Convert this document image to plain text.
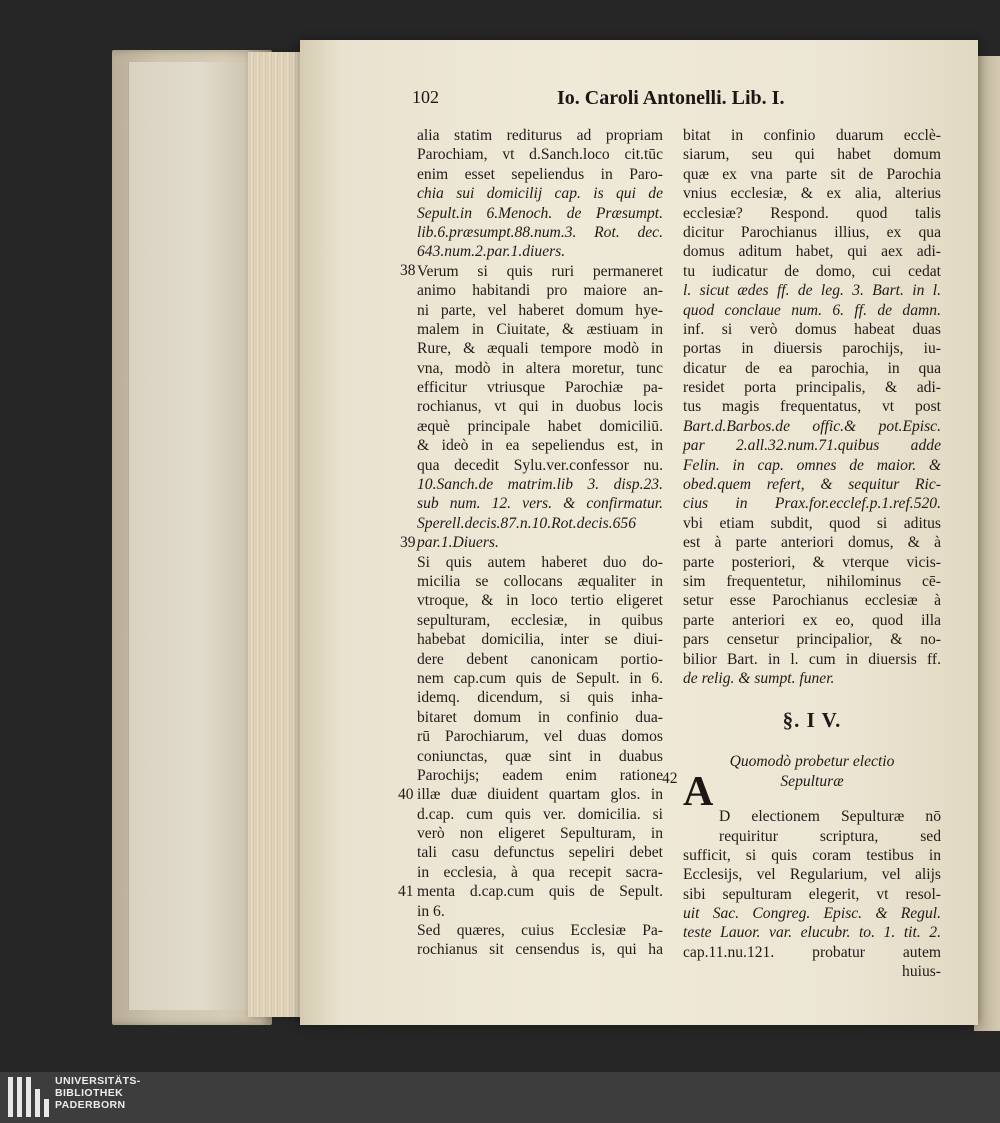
102	Io. Caroli Antonelli. Lib. I.
alia statim rediturus ad propriam
Parochiam, vt d.Sanch.loco cit.tūc
enim esset sepeliendus in Paro-
chia sui domicilij cap. is qui de
Sepult.in 6.Menoch. de Præsumpt.
lib.6.præsumpt.88.num.3. Rot. dec.
643.num.2.par.1.diuers.
Verum si quis ruri permaneret
animo habitandi pro maiore an-
ni parte, vel haberet domum hye-
malem in Ciuitate, & æstiuam in
Rure, & æquali tempore modò in
vna, modò in altera moretur, tunc
efficitur vtriusque Parochiæ pa-
rochianus, vt qui in duobus locis
æquè principale habet domiciliū.
& ideò in ea sepeliendus est, in
qua decedit Sylu.ver.confessor nu.
10.Sanch.de matrim.lib 3. disp.23.
sub num. 12. vers. & confirmatur.
Sperell.decis.87.n.10.Rot.decis.656
par.1.Diuers.
Si quis autem haberet duo do-
micilia se collocans æqualiter in
vtroque, & in loco tertio eligeret
sepulturam, ecclesiæ, in quibus
habebat domicilia, inter se diui-
dere debent canonicam portio-
nem cap.cum quis de Sepult. in 6.
idemq. dicendum, si quis inha-
bitaret domum in confinio dua-
rū Parochiarum, vel duas domos
coniunctas, quæ sint in duabus
Parochijs; eadem enim ratione
illæ duæ diuident quartam glos. in
d.cap. cum quis ver. domicilia. si
verò non eligeret Sepulturam, in
tali casu defunctus sepeliri debet
in ecclesia, à qua recepit sacra-
menta d.cap.cum quis de Sepult.
in 6.
Sed quæres, cuius Ecclesiæ Pa-
rochianus sit censendus is, qui ha
38
39
40
41
bitat in confinio duarum ecclè-
siarum, seu qui habet domum
quæ ex vna parte sit de Parochia
vnius ecclesiæ, & ex alia, alterius
ecclesiæ? Respond. quod talis
dicitur Parochianus illius, ex qua
domus aditum habet, qui aex adi-
tu iudicatur de domo, cui cedat
l. sicut ædes ff. de leg. 3. Bart. in l.
quod conclaue num. 6. ff. de damn.
inf. si verò domus habeat duas
portas in diuersis parochijs, iu-
dicatur de ea parochia, in qua
residet porta principalis, & adi-
tus magis frequentatus, vt post
Bart.d.Barbos.de offic.& pot.Episc.
par 2.all.32.num.71.quibus adde
Felin. in cap. omnes de maior. &
obed.quem refert, & sequitur Ric-
cius in Prax.for.ecclef.p.1.ref.520.
vbi etiam subdit, quod si aditus
est à parte anteriori domus, & à
parte posteriori, & vterque vicis-
sim frequentetur, nihilominus cē-
setur esse Parochianus ecclesiæ à
parte anteriori ex eo, quod illa
pars censetur principalior, & no-
bilior Bart. in l. cum in diuersis ff.
de relig. & sumpt. funer.
§. I V.
Quomodò probetur electio
Sepulturæ
D electionem Sepulturæ nō
requiritur scriptura, sed
sufficit, si quis coram testibus in
Ecclesijs, vel Regularium, vel alijs
sibi sepulturam elegerit, vt resol-
uit Sac. Congreg. Episc. & Regul.
teste Lauor. var. elucubr. to. 1. tit. 2.
cap.11.nu.121. probatur autem
huius-
42 A
UNIVERSITÄTS-
BIBLIOTHEK
PADERBORN
